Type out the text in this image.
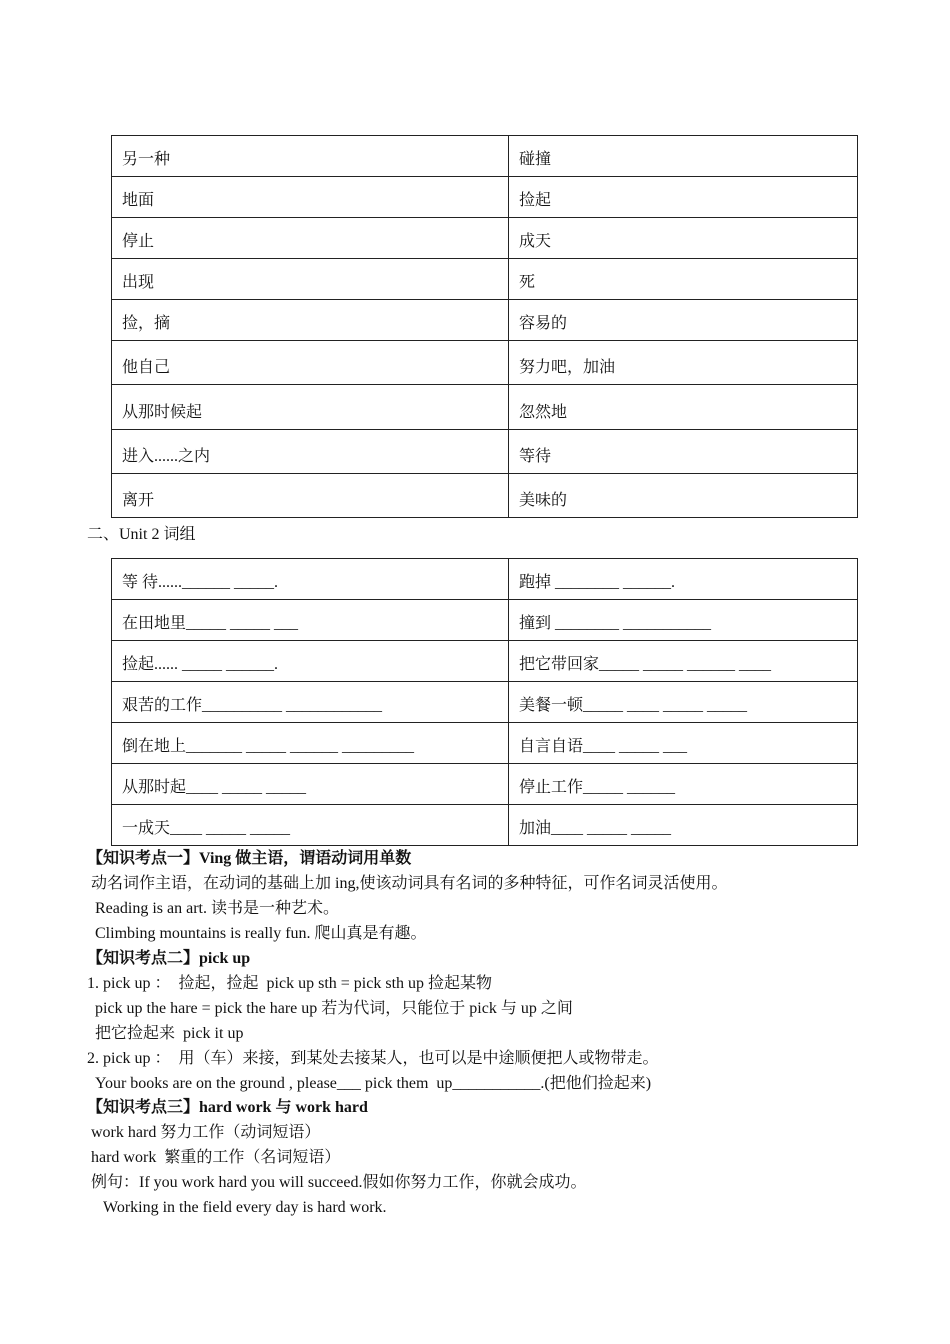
另一种	碰撞
地面	捡起
停止	成天
出现	死
捡，摘	容易的
他自己	努力吧，加油
从那时候起	忽然地
进入......之内	等待
离开	美味的
二、Unit 2 词组
等 待......______ _____.	跑掉 ________ ______.
在田地里_____ _____ ___	撞到 ________ ___________
捡起...... _____ ______.	把它带回家_____ _____ ______ ____
艰苦的工作__________ ____________	美餐一顿_____ ____ _____ _____
倒在地上_______ _____ ______ _________	自言自语____ _____ ___
从那时起____ _____ _____	停止工作_____ ______
一成天____ _____ _____	加油____ _____ _____
【知识考点一】Ving 做主语，谓语动词用单数
动名词作主语，在动词的基础上加 ing,使该动词具有名词的多种特征，可作名词灵活使用。
Reading is an art. 读书是一种艺术。
Climbing mountains is really fun. 爬山真是有趣。
【知识考点二】pick up
1. pick up ：  捡起，捡起  pick up sth = pick sth up 捡起某物
pick up the hare = pick the hare up 若为代词，只能位于 pick 与 up 之间
把它捡起来  pick it up
2. pick up ：  用（车）来接，到某处去接某人，也可以是中途顺便把人或物带走。
Your books are on the ground , please___ pick them  up___________.(把他们捡起来)
【知识考点三】hard work 与 work hard
work hard 努力工作（动词短语）
hard work  繁重的工作（名词短语）
例句：If you work hard you will succeed.假如你努力工作，你就会成功。
Working in the field every day is hard work.
